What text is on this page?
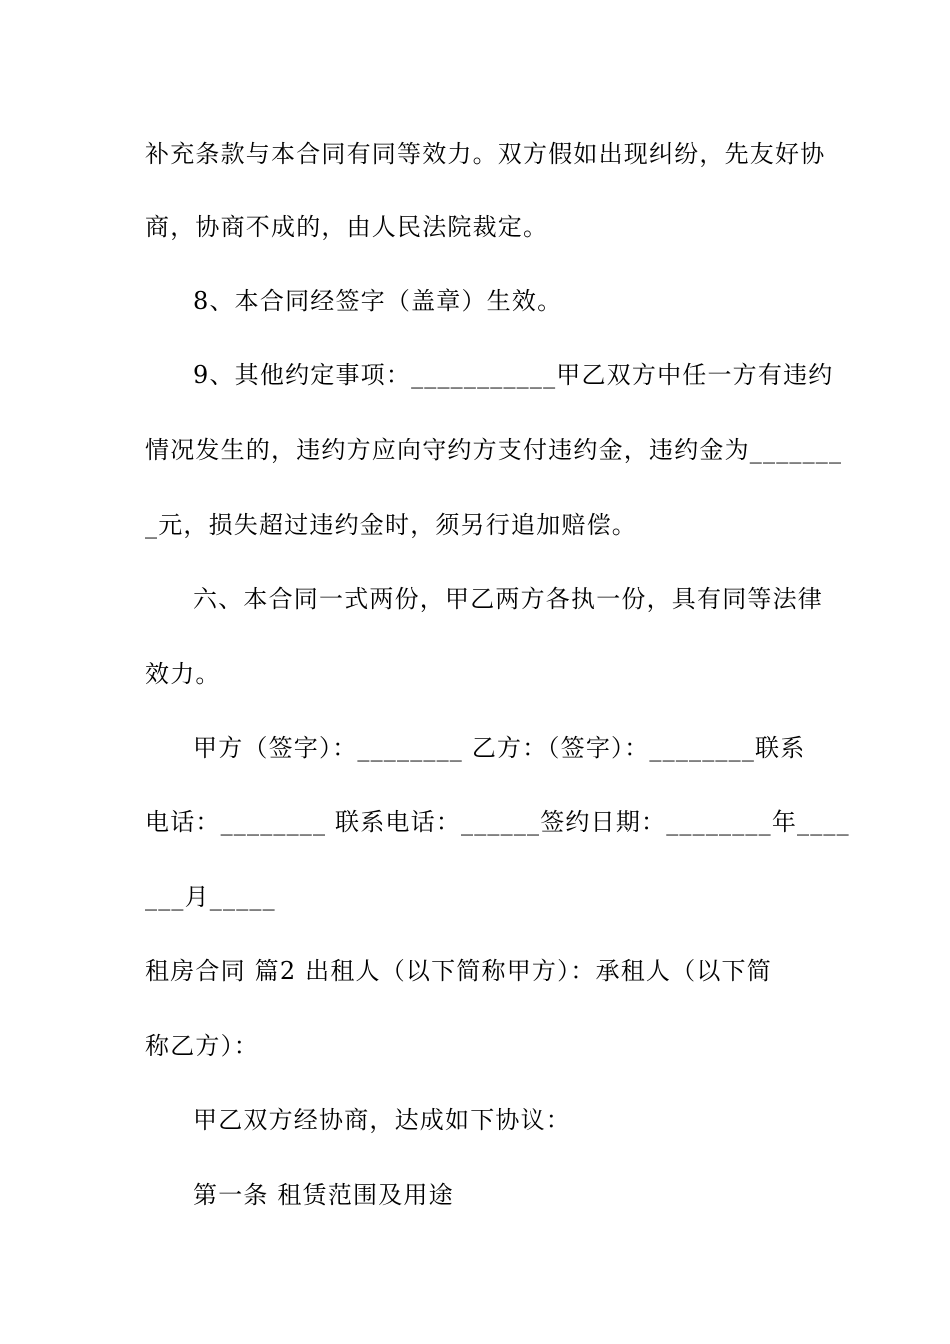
补充条款与本合同有同等效力。双方假如出现纠纷，先友好协
商，协商不成的，由人民法院裁定。
8、本合同经签字（盖章）生效。
9、其他约定事项：___________甲乙双方中任一方有违约
情况发生的，违约方应向守约方支付违约金，违约金为_______
_元，损失超过违约金时，须另行追加赔偿。
六、本合同一式两份，甲乙两方各执一份，具有同等法律
效力。
甲方（签字）：________ 乙方：（签字）：________联系
电话：________ 联系电话：______签约日期：________年____
___月_____
租房合同 篇2 出租人（以下简称甲方）：承租人（以下简
称乙方）：
甲乙双方经协商，达成如下协议：
第一条 租赁范围及用途
